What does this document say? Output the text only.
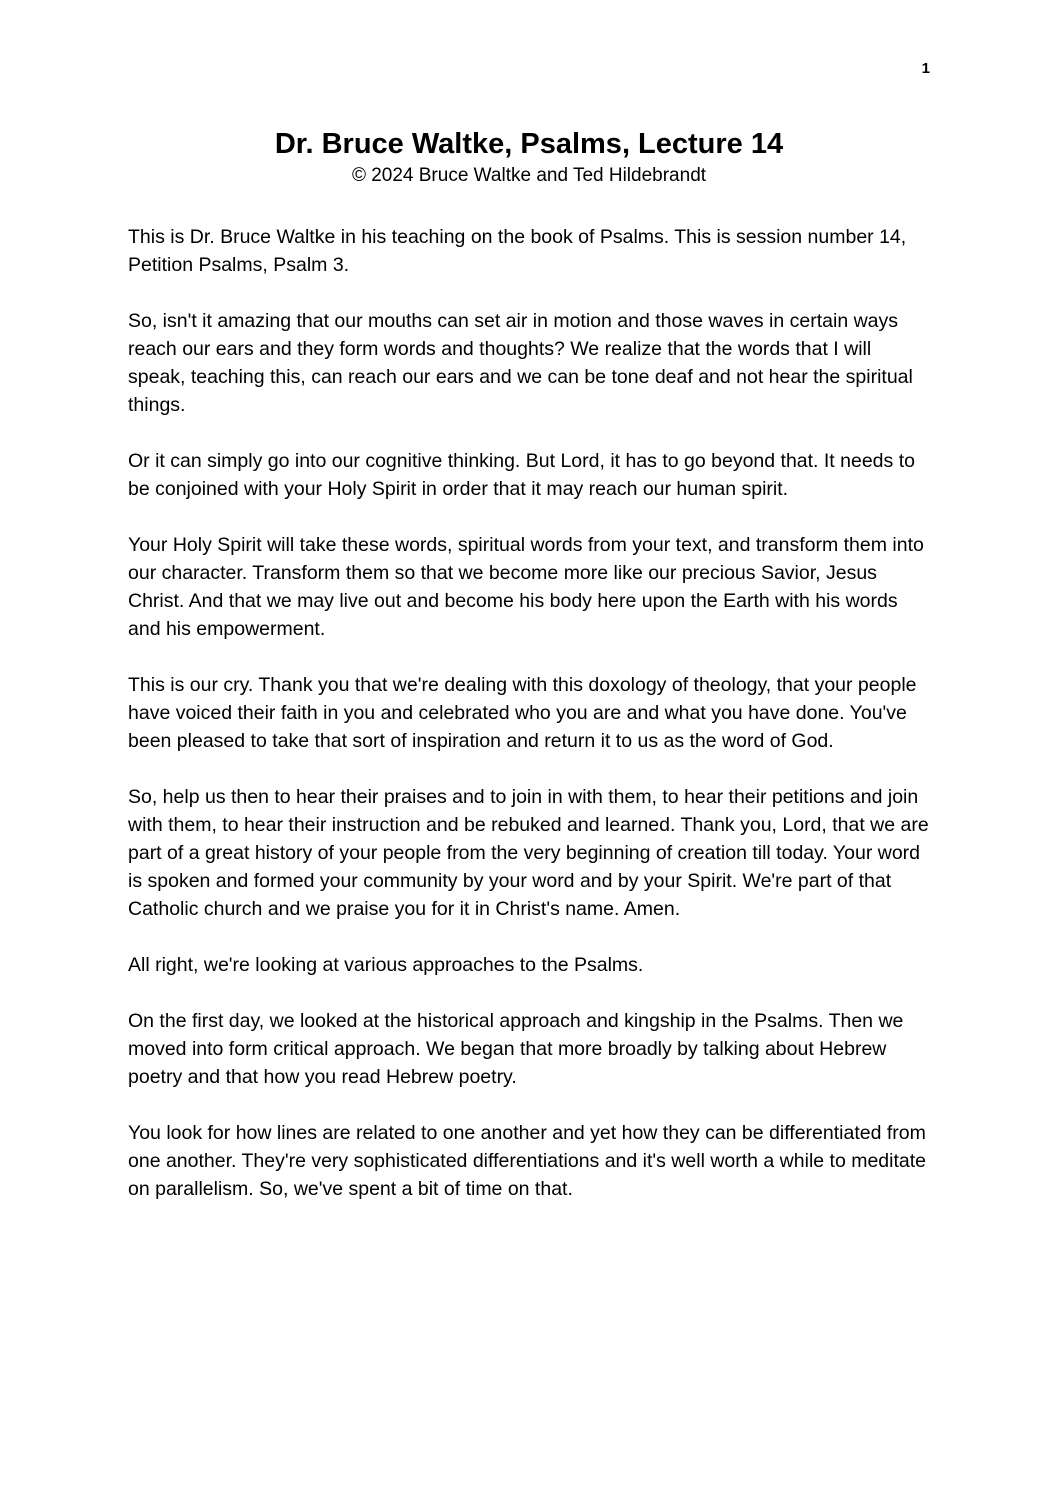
1
Dr. Bruce Waltke, Psalms, Lecture 14
© 2024 Bruce Waltke and Ted Hildebrandt

This is Dr. Bruce Waltke in his teaching on the book of Psalms. This is session number 14, Petition Psalms, Psalm 3.

So, isn't it amazing that our mouths can set air in motion and those waves in certain ways reach our ears and they form words and thoughts? We realize that the words that I will speak, teaching this, can reach our ears and we can be tone deaf and not hear the spiritual things.

Or it can simply go into our cognitive thinking. But Lord, it has to go beyond that. It needs to be conjoined with your Holy Spirit in order that it may reach our human spirit.

Your Holy Spirit will take these words, spiritual words from your text, and transform them into our character. Transform them so that we become more like our precious Savior, Jesus Christ. And that we may live out and become his body here upon the Earth with his words and his empowerment.

This is our cry. Thank you that we're dealing with this doxology of theology, that your people have voiced their faith in you and celebrated who you are and what you have done. You've been pleased to take that sort of inspiration and return it to us as the word of God.

So, help us then to hear their praises and to join in with them, to hear their petitions and join with them, to hear their instruction and be rebuked and learned. Thank you, Lord, that we are part of a great history of your people from the very beginning of creation till today. Your word is spoken and formed your community by your word and by your Spirit. We're part of that Catholic church and we praise you for it in Christ's name. Amen.

All right, we're looking at various approaches to the Psalms.

On the first day, we looked at the historical approach and kingship in the Psalms. Then we moved into form critical approach. We began that more broadly by talking about Hebrew poetry and that how you read Hebrew poetry.

You look for how lines are related to one another and yet how they can be differentiated from one another. They're very sophisticated differentiations and it's well worth a while to meditate on parallelism. So, we've spent a bit of time on that.
